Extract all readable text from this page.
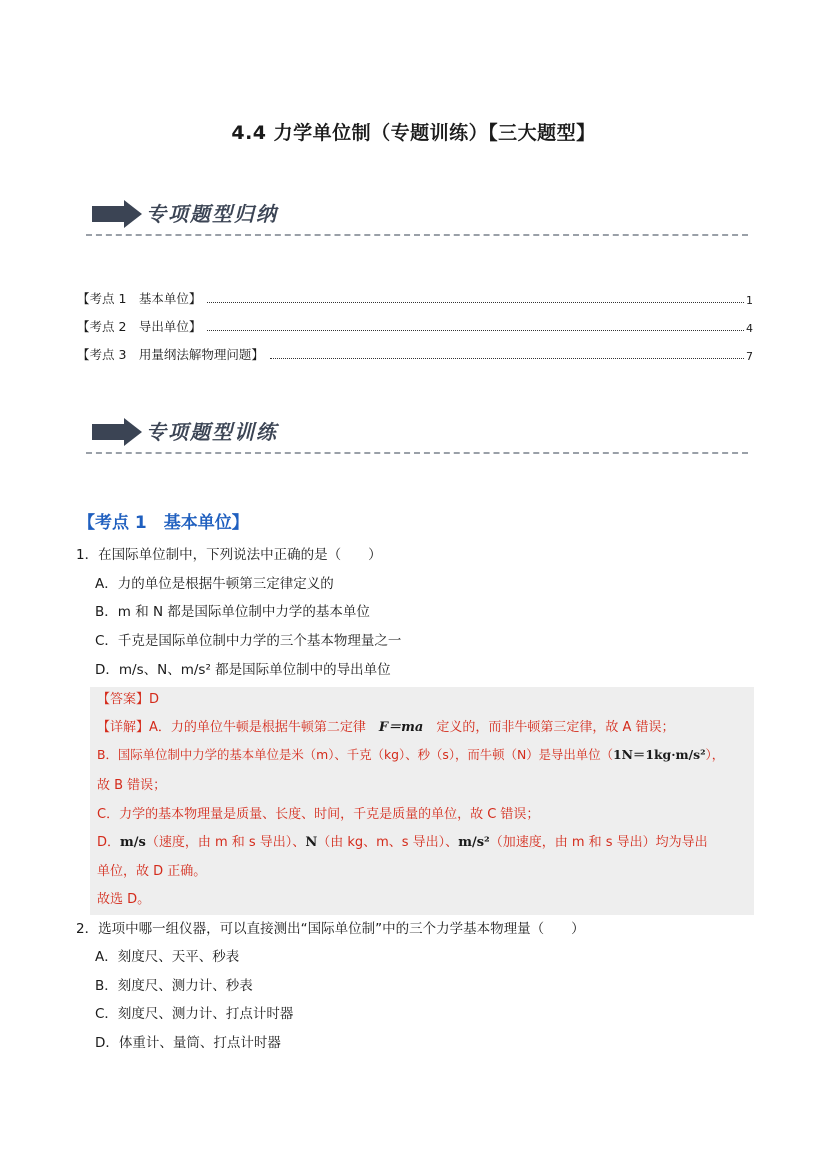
4.4 力学单位制（专题训练）【三大题型】
专项题型归纳
【考点 1　基本单位】	1
【考点 2　导出单位】	4
【考点 3　用量纲法解物理问题】	7
专项题型训练
【考点 1　基本单位】
1．在国际单位制中，下列说法中正确的是（　　）
A．力的单位是根据牛顿第三定律定义的
B．m 和 N 都是国际单位制中力学的基本单位
C．千克是国际单位制中力学的三个基本物理量之一
D．m/s、N、m/s² 都是国际单位制中的导出单位
【答案】D
【详解】A．力的单位牛顿是根据牛顿第二定律　 F＝ma　 定义的，而非牛顿第三定律，故 A 错误；
B．国际单位制中力学的基本单位是米（m）、千克（kg）、秒（s），而牛顿（N）是导出单位（1N＝1kg·m/s²），
故 B 错误；
C．力学的基本物理量是质量、长度、时间，千克是质量的单位，故 C 错误；
D．m/s（速度，由 m 和 s 导出）、N（由 kg、m、s 导出）、m/s²（加速度，由 m 和 s 导出）均为导出
单位，故 D 正确。
故选 D。
2．选项中哪一组仪器，可以直接测出“国际单位制”中的三个力学基本物理量（　　）
A．刻度尺、天平、秒表
B．刻度尺、测力计、秒表
C．刻度尺、测力计、打点计时器
D．体重计、量筒、打点计时器
